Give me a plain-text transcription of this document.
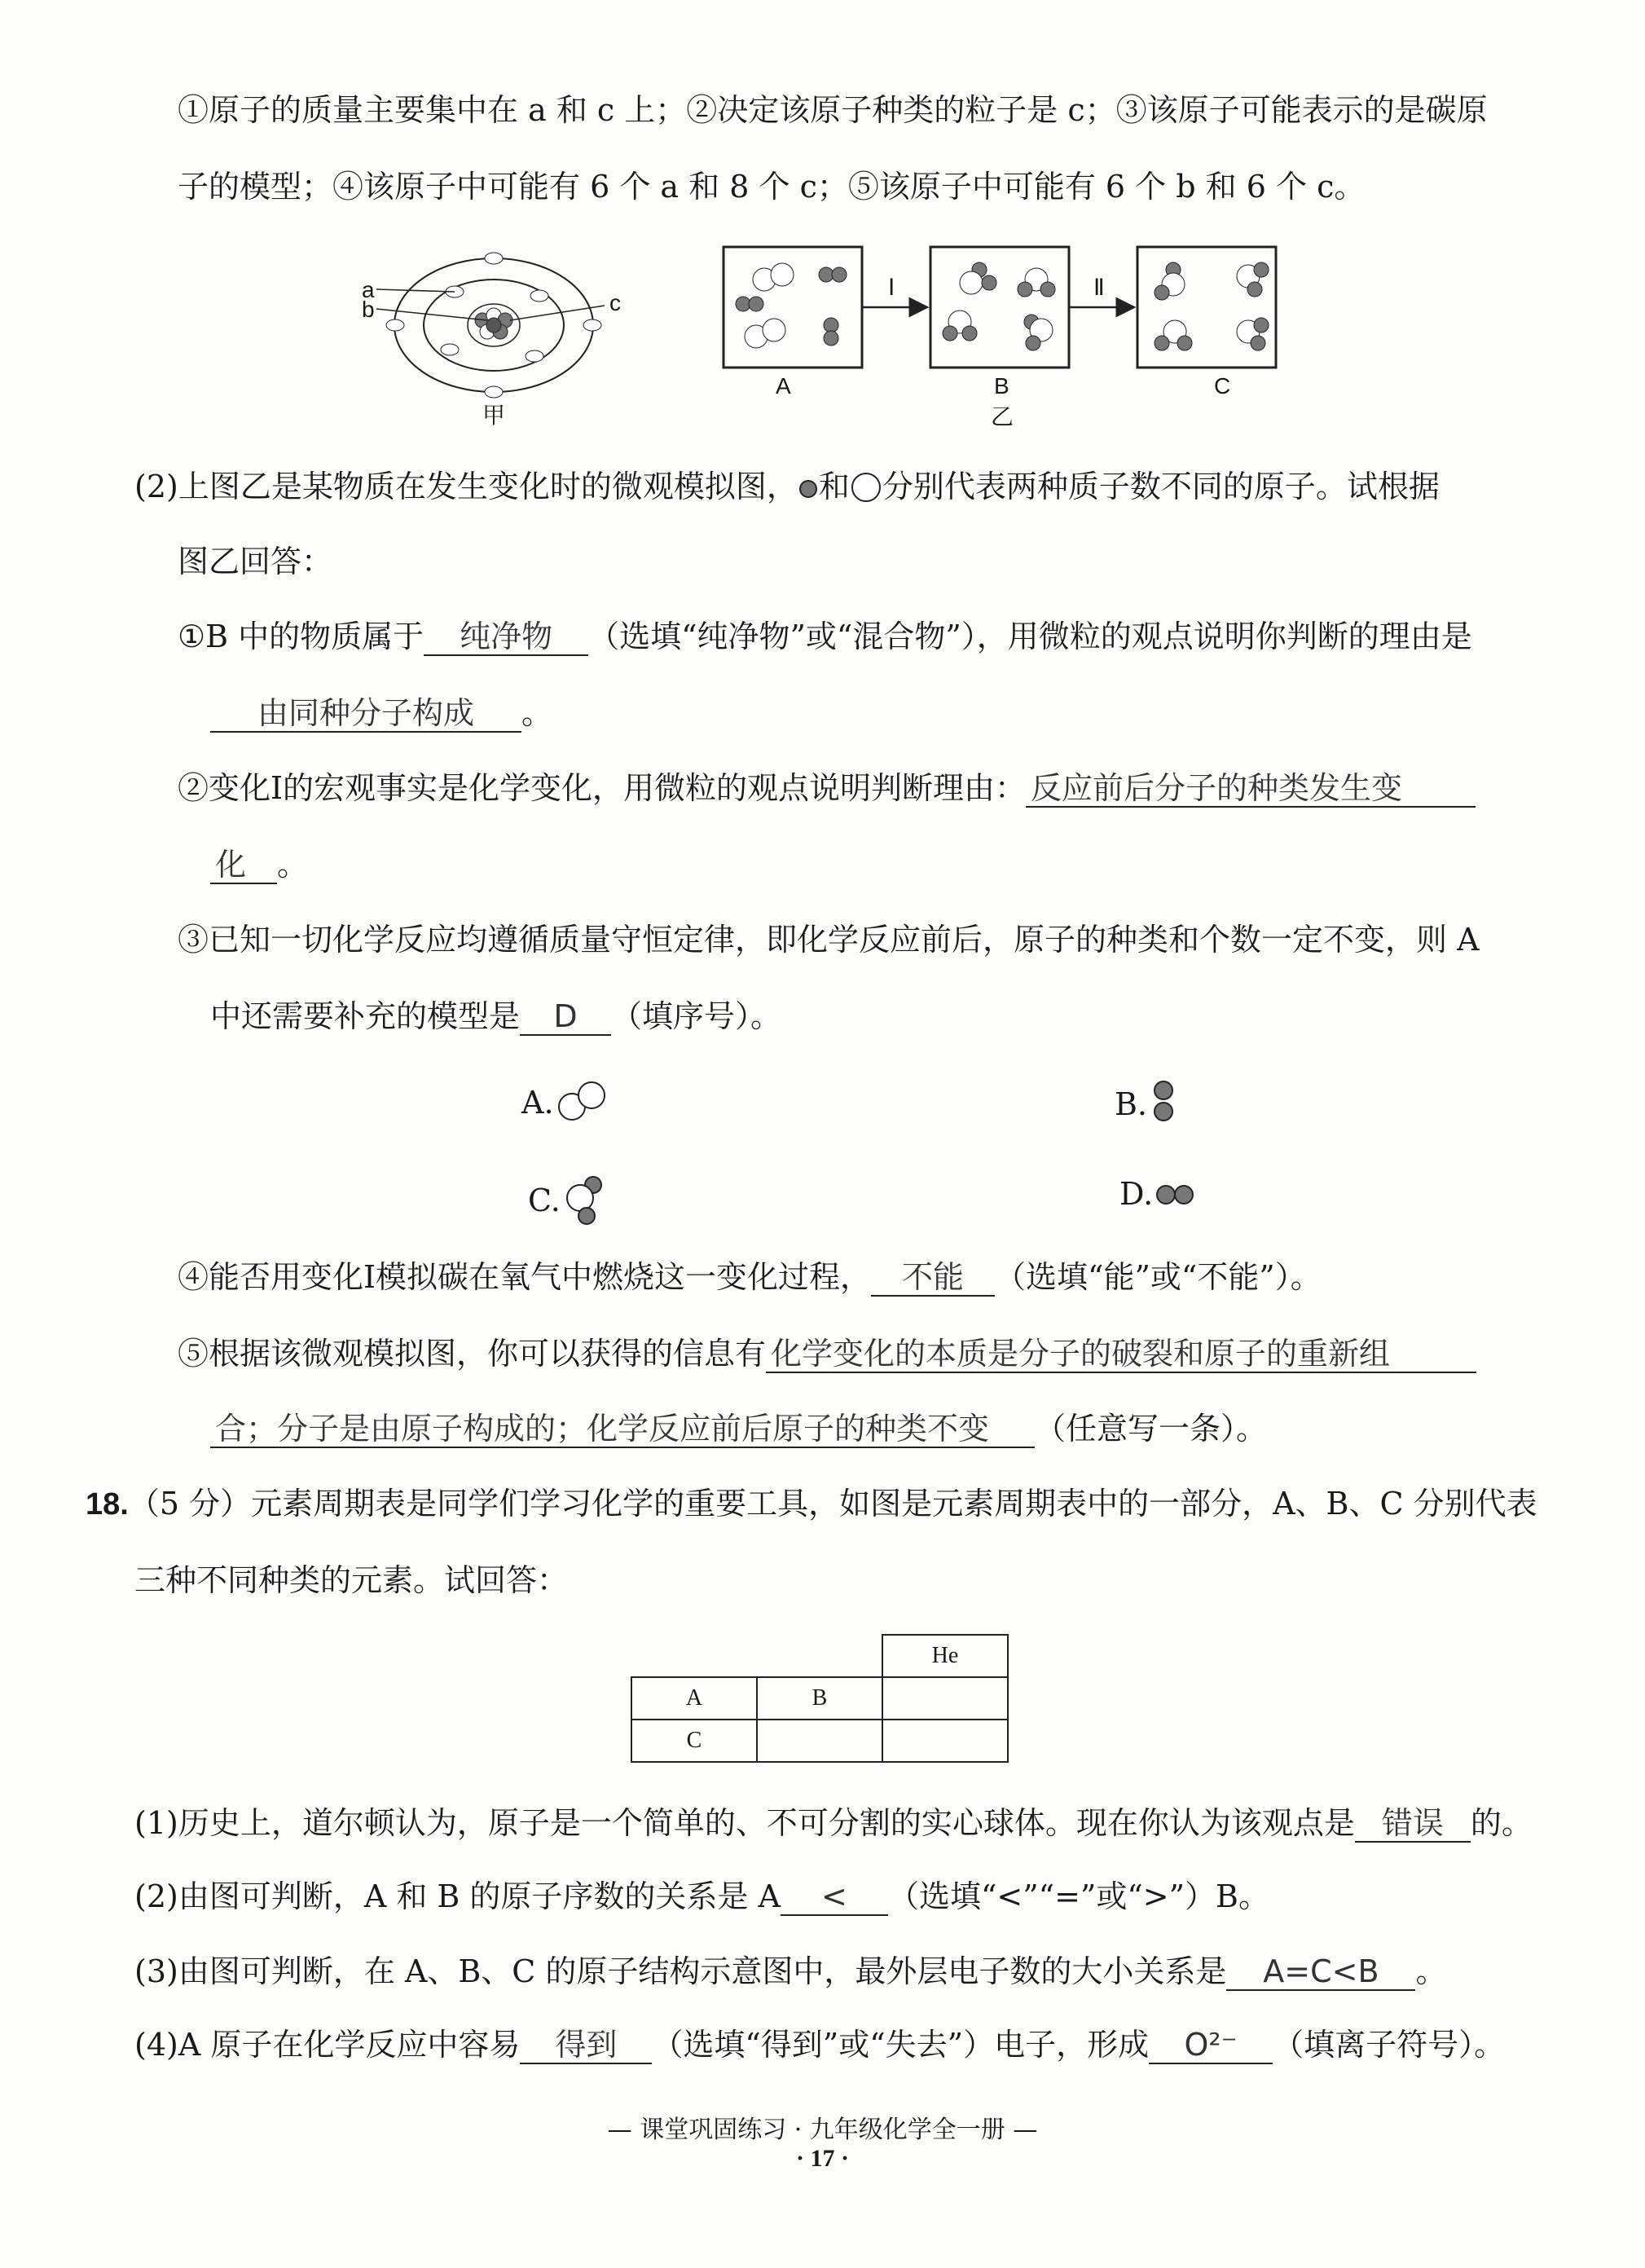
①原子的质量主要集中在 a 和 c 上；②决定该原子种类的粒子是 c；③该原子可能表示的是碳原
子的模型；④该原子中可能有 6 个 a 和 8 个 c；⑤该原子中可能有 6 个 b 和 6 个 c。
a
b	c
甲
Ⅰ	Ⅱ
A	B	C
乙
(2)上图乙是某物质在发生变化时的微观模拟图， 和 分别代表两种质子数不同的原子。试根据
图乙回答：
①B 中的物质属于 纯净物 （选填“纯净物”或“混合物”），用微粒的观点说明你判断的理由是
由同种分子构成 。
②变化Ⅰ的宏观事实是化学变化，用微粒的观点说明判断理由： 反应前后分子的种类发生变
化 。
③已知一切化学反应均遵循质量守恒定律，即化学反应前后，原子的种类和个数一定不变，则 A
中还需要补充的模型是 D （填序号）。
A.	B.
C.	D.
④能否用变化Ⅰ模拟碳在氧气中燃烧这一变化过程， 不能 （选填“能”或“不能”）。
⑤根据该微观模拟图，你可以获得的信息有 化学变化的本质是分子的破裂和原子的重新组
合；分子是由原子构成的；化学反应前后原子的种类不变 （任意写一条）。
18.（5 分）元素周期表是同学们学习化学的重要工具，如图是元素周期表中的一部分，A、B、C 分别代表
三种不同种类的元素。试回答：
		He
A	B	
C		
(1)历史上，道尔顿认为，原子是一个简单的、不可分割的实心球体。现在你认为该观点是 错误 的。
(2)由图可判断，A 和 B 的原子序数的关系是 A < （选填“<”“=”或“>”）B。
(3)由图可判断，在 A、B、C 的原子结构示意图中，最外层电子数的大小关系是 A=C<B 。
(4)A 原子在化学反应中容易 得到 （选填“得到”或“失去”）电子，形成 O²⁻ （填离子符号）。
— 课堂巩固练习 · 九年级化学全一册 —
· 17 ·
